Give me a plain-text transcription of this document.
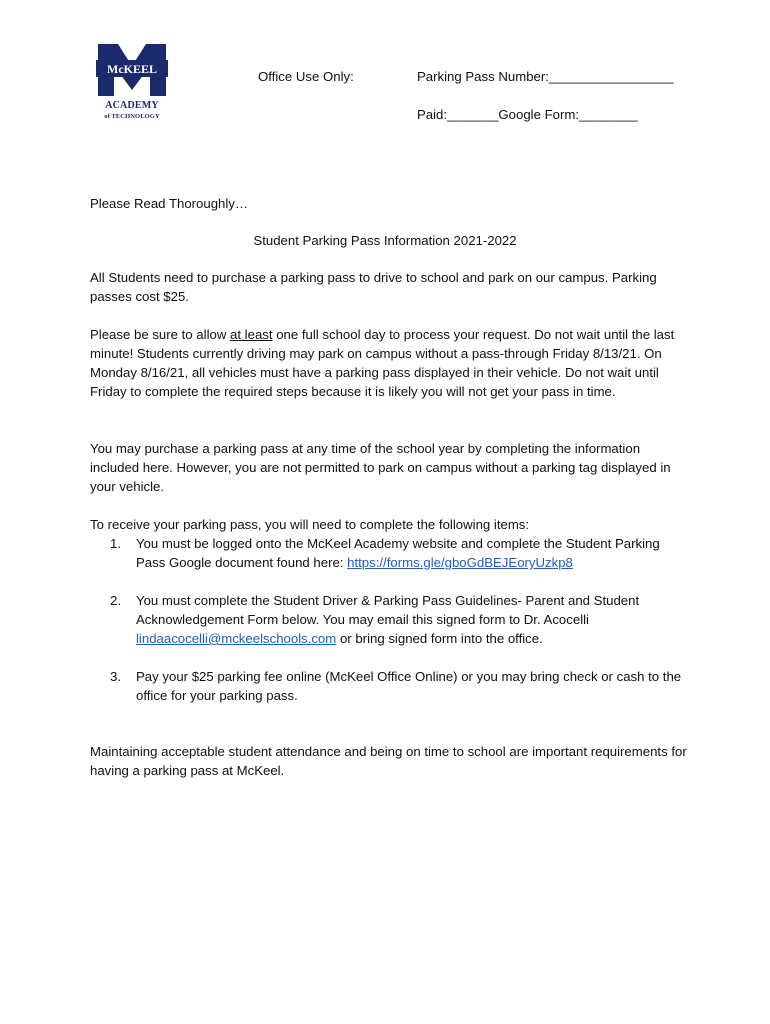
McKEEL
ACADEMY
of TECHNOLOGY
Office Use Only:	Parking Pass Number:_________________
Paid:_______Google Form:________
Please Read Thoroughly…
Student Parking Pass Information 2021-2022

All Students need to purchase a parking pass to drive to school and park on our campus. Parking passes cost $25.

Please be sure to allow at least one full school day to process your request. Do not wait until the last minute! Students currently driving may park on campus without a pass-through Friday 8/13/21. On Monday 8/16/21, all vehicles must have a parking pass displayed in their vehicle. Do not wait until Friday to complete the required steps because it is likely you will not get your pass in time.

You may purchase a parking pass at any time of the school year by completing the information included here. However, you are not permitted to park on campus without a parking tag displayed in your vehicle.

To receive your parking pass, you will need to complete the following items:

1. You must be logged onto the McKeel Academy website and complete the Student Parking Pass Google document found here: https://forms.gle/gboGdBEJEoryUzkp8
2. You must complete the Student Driver & Parking Pass Guidelines- Parent and Student Acknowledgement Form below. You may email this signed form to Dr. Acocelli lindaacocelli@mckeelschools.com or bring signed form into the office.
3. Pay your $25 parking fee online (McKeel Office Online) or you may bring check or cash to the office for your parking pass.

Maintaining acceptable student attendance and being on time to school are important requirements for having a parking pass at McKeel.
